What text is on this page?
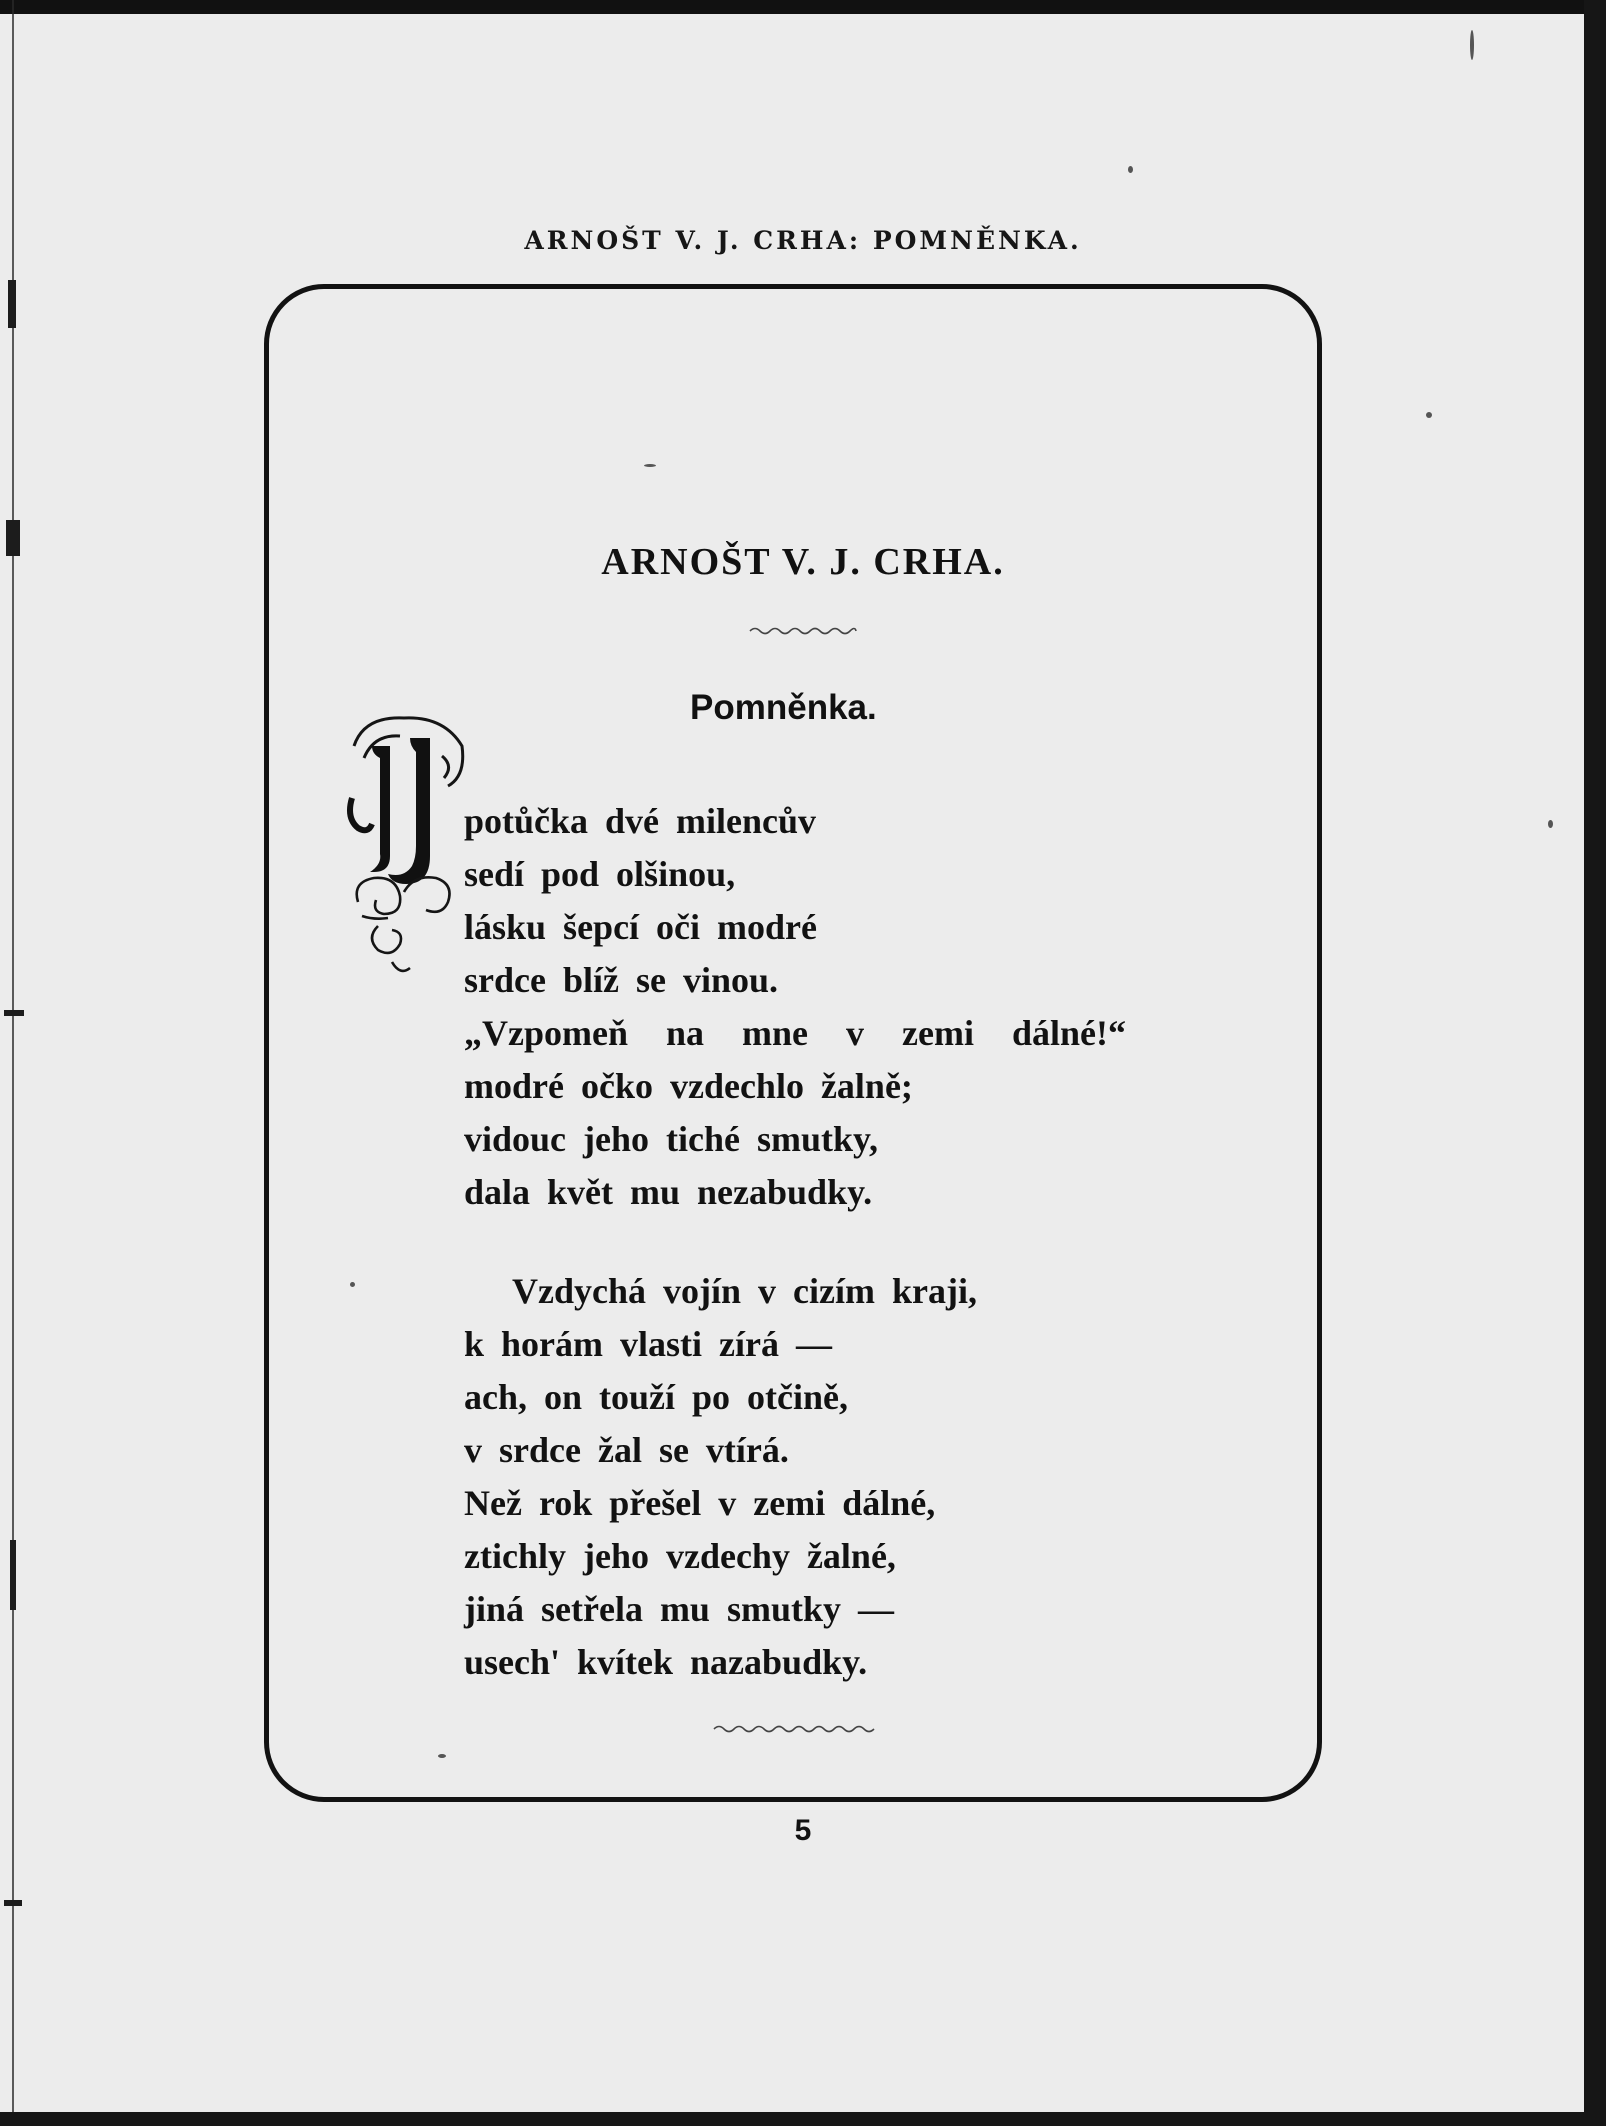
ARNOŠT V. J. CRHA: POMNĚNKA.
ARNOŠT V. J. CRHA.
Pomněnka.
potůčka dvé milencův
sedí pod olšinou,
lásku šepcí oči modré
srdce blíž se vinou.
„Vzpomeň na mne v zemi dálné!“
modré očko vzdechlo žalně;
vidouc jeho tiché smutky,
dala květ mu nezabudky.
Vzdychá vojín v cizím kraji,
k horám vlasti zírá —
ach, on touží po otčině,
v srdce žal se vtírá.
Než rok přešel v zemi dálné,
ztichly jeho vzdechy žalné,
jiná setřela mu smutky —
usech' kvítek nazabudky.
5
